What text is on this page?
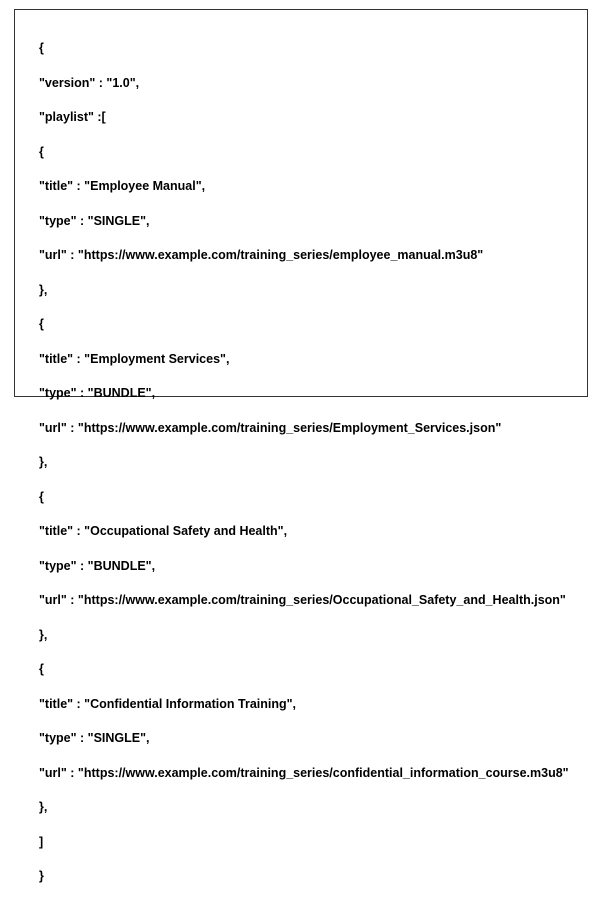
{

"version" : "1.0",

"playlist" :[

{

"title" : "Employee Manual",

"type" : "SINGLE",

"url" : "https://www.example.com/training_series/employee_manual.m3u8"

},

{

"title" : "Employment Services",

"type" : "BUNDLE",

"url" : "https://www.example.com/training_series/Employment_Services.json"

},

{

"title" : "Occupational Safety and Health",

"type" : "BUNDLE",

"url" : "https://www.example.com/training_series/Occupational_Safety_and_Health.json"

},

{

"title" : "Confidential Information Training",

"type" : "SINGLE",

"url" : "https://www.example.com/training_series/confidential_information_course.m3u8"

},

]

}
